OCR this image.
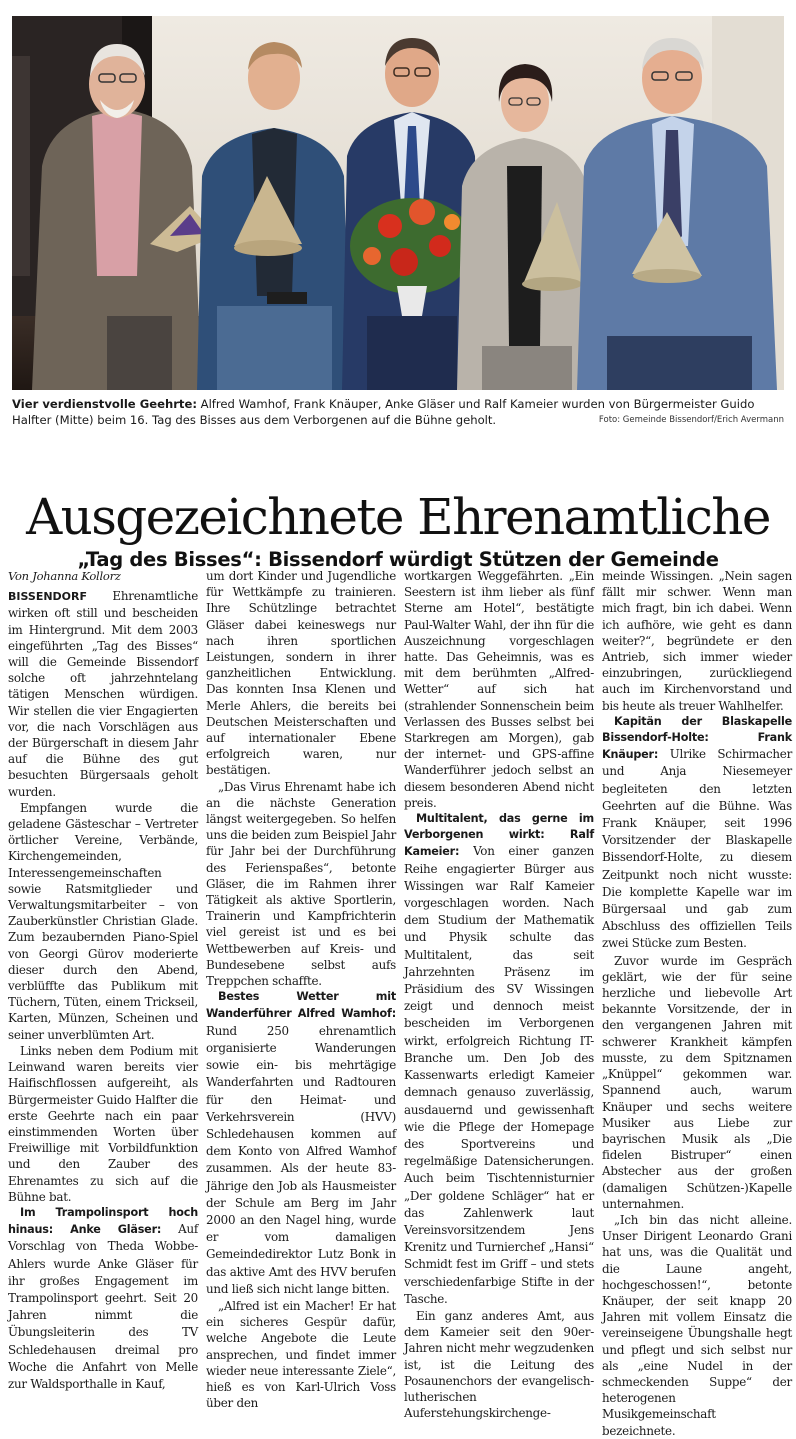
Vier verdienstvolle Geehrte: Alfred Wamhof, Frank Knäuper, Anke Gläser und Ralf Kameier wurden von Bürgermeister Guido Halfter (Mitte) beim 16. Tag des Bisses aus dem Verborgenen auf die Bühne geholt.	Foto: Gemeinde Bissendorf/Erich Avermann
Ausgezeichnete Ehrenamtliche
„Tag des Bisses“: Bissendorf würdigt Stützen der Gemeinde

Von Johanna Kollorz

BISSENDORF Ehrenamtliche wirken oft still und bescheiden im Hintergrund. Mit dem 2003 eingeführten „Tag des Bisses“ will die Gemeinde Bissendorf solche oft jahrzehntelang tätigen Menschen würdigen. Wir stellen die vier Engagierten vor, die nach Vorschlägen aus der Bürgerschaft in diesem Jahr auf die Bühne des gut besuchten Bürgersaals geholt wurden.

Empfangen wurde die geladene Gästeschar – Vertreter örtlicher Vereine, Verbände, Kirchengemeinden, Interessengemeinschaften sowie Ratsmitglieder und Verwaltungsmitarbeiter – von Zauberkünstler Christian Glade. Zum bezaubernden Piano-Spiel von Georgi Gürov moderierte dieser durch den Abend, verblüffte das Publikum mit Tüchern, Tüten, einem Trickseil, Karten, Münzen, Scheinen und seiner unverblümten Art.

Links neben dem Podium mit Leinwand waren bereits vier Haifischflossen aufgereiht, als Bürgermeister Guido Halfter die erste Geehrte nach ein paar einstimmenden Worten über Freiwillige mit Vorbildfunktion und den Zauber des Ehrenamtes zu sich auf die Bühne bat.

Im Trampolinsport hoch hinaus: Anke Gläser: Auf Vorschlag von Theda Wobbe-Ahlers wurde Anke Gläser für ihr großes Engagement im Trampolinsport geehrt. Seit 20 Jahren nimmt die Übungsleiterin des TV Schledehausen dreimal pro Woche die Anfahrt von Melle zur Waldsporthalle in Kauf,

um dort Kinder und Jugendliche für Wettkämpfe zu trainieren. Ihre Schützlinge betrachtet Gläser dabei keineswegs nur nach ihren sportlichen Leistungen, sondern in ihrer ganzheitlichen Entwicklung. Das konnten Insa Klenen und Merle Ahlers, die bereits bei Deutschen Meisterschaften und auf internationaler Ebene erfolgreich waren, nur bestätigen.

„Das Virus Ehrenamt habe ich an die nächste Generation längst weitergegeben. So helfen uns die beiden zum Beispiel Jahr für Jahr bei der Durchführung des Ferienspaßes“, betonte Gläser, die im Rahmen ihrer Tätigkeit als aktive Sportlerin, Trainerin und Kampfrichterin viel gereist ist und es bei Wettbewerben auf Kreis- und Bundesebene selbst aufs Treppchen schaffte.

Bestes Wetter mit Wanderführer Alfred Wamhof: Rund 250 ehrenamtlich organisierte Wanderungen sowie ein- bis mehrtägige Wanderfahrten und Radtouren für den Heimat- und Verkehrsverein (HVV) Schledehausen kommen auf dem Konto von Alfred Wamhof zusammen. Als der heute 83-Jährige den Job als Hausmeister der Schule am Berg im Jahr 2000 an den Nagel hing, wurde er vom damaligen Gemeindedirektor Lutz Bonk in das aktive Amt des HVV berufen und ließ sich nicht lange bitten.

„Alfred ist ein Macher! Er hat ein sicheres Gespür dafür, welche Angebote die Leute ansprechen, und findet immer wieder neue interessante Ziele“, hieß es von Karl-Ulrich Voss über den

wortkargen Weggefährten. „Ein Seestern ist ihm lieber als fünf Sterne am Hotel“, bestätigte Paul-Walter Wahl, der ihn für die Auszeichnung vorgeschlagen hatte. Das Geheimnis, was es mit dem berühmten „Alfred-Wetter“ auf sich hat (strahlender Sonnenschein beim Verlassen des Busses selbst bei Starkregen am Morgen), gab der internet- und GPS-affine Wanderführer jedoch selbst an diesem besonderen Abend nicht preis.

Multitalent, das gerne im Verborgenen wirkt: Ralf Kameier: Von einer ganzen Reihe engagierter Bürger aus Wissingen war Ralf Kameier vorgeschlagen worden. Nach dem Studium der Mathematik und Physik schulte das Multitalent, das seit Jahrzehnten Präsenz im Präsidium des SV Wissingen zeigt und dennoch meist bescheiden im Verborgenen wirkt, erfolgreich Richtung IT-Branche um. Den Job des Kassenwarts erledigt Kameier demnach genauso zuverlässig, ausdauernd und gewissenhaft wie die Pflege der Homepage des Sportvereins und regelmäßige Datensicherungen. Auch beim Tischtennisturnier „Der goldene Schläger“ hat er das Zahlenwerk laut Vereinsvorsitzendem Jens Krenitz und Turnierchef „Hansi“ Schmidt fest im Griff – und stets verschiedenfarbige Stifte in der Tasche.

Ein ganz anderes Amt, aus dem Kameier seit den 90er-Jahren nicht mehr wegzudenken ist, ist die Leitung des Posaunenchors der evangelisch-lutherischen Auferstehungskirchenge-

meinde Wissingen. „Nein sagen fällt mir schwer. Wenn man mich fragt, bin ich dabei. Wenn ich aufhöre, wie geht es dann weiter?“, begründete er den Antrieb, sich immer wieder einzubringen, zurückliegend auch im Kirchenvorstand und bis heute als treuer Wahlhelfer.

Kapitän der Blaskapelle Bissendorf-Holte: Frank Knäuper: Ulrike Schirmacher und Anja Niesemeyer begleiteten den letzten Geehrten auf die Bühne. Was Frank Knäuper, seit 1996 Vorsitzender der Blaskapelle Bissendorf-Holte, zu diesem Zeitpunkt noch nicht wusste: Die komplette Kapelle war im Bürgersaal und gab zum Abschluss des offiziellen Teils zwei Stücke zum Besten.

Zuvor wurde im Gespräch geklärt, wie der für seine herzliche und liebevolle Art bekannte Vorsitzende, der in den vergangenen Jahren mit schwerer Krankheit kämpfen musste, zu dem Spitznamen „Knüppel“ gekommen war. Spannend auch, warum Knäuper und sechs weitere Musiker aus Liebe zur bayrischen Musik als „Die fidelen Bistruper“ einen Abstecher aus der großen (damaligen Schützen-)Kapelle unternahmen.

„Ich bin das nicht alleine. Unser Dirigent Leonardo Grani hat uns, was die Qualität und die Laune angeht, hochgeschossen!“, betonte Knäuper, der seit knapp 20 Jahren mit vollem Einsatz die vereinseigene Übungshalle hegt und pflegt und sich selbst nur als „eine Nudel in der schmeckenden Suppe“ der heterogenen Musikgemeinschaft bezeichnete.
